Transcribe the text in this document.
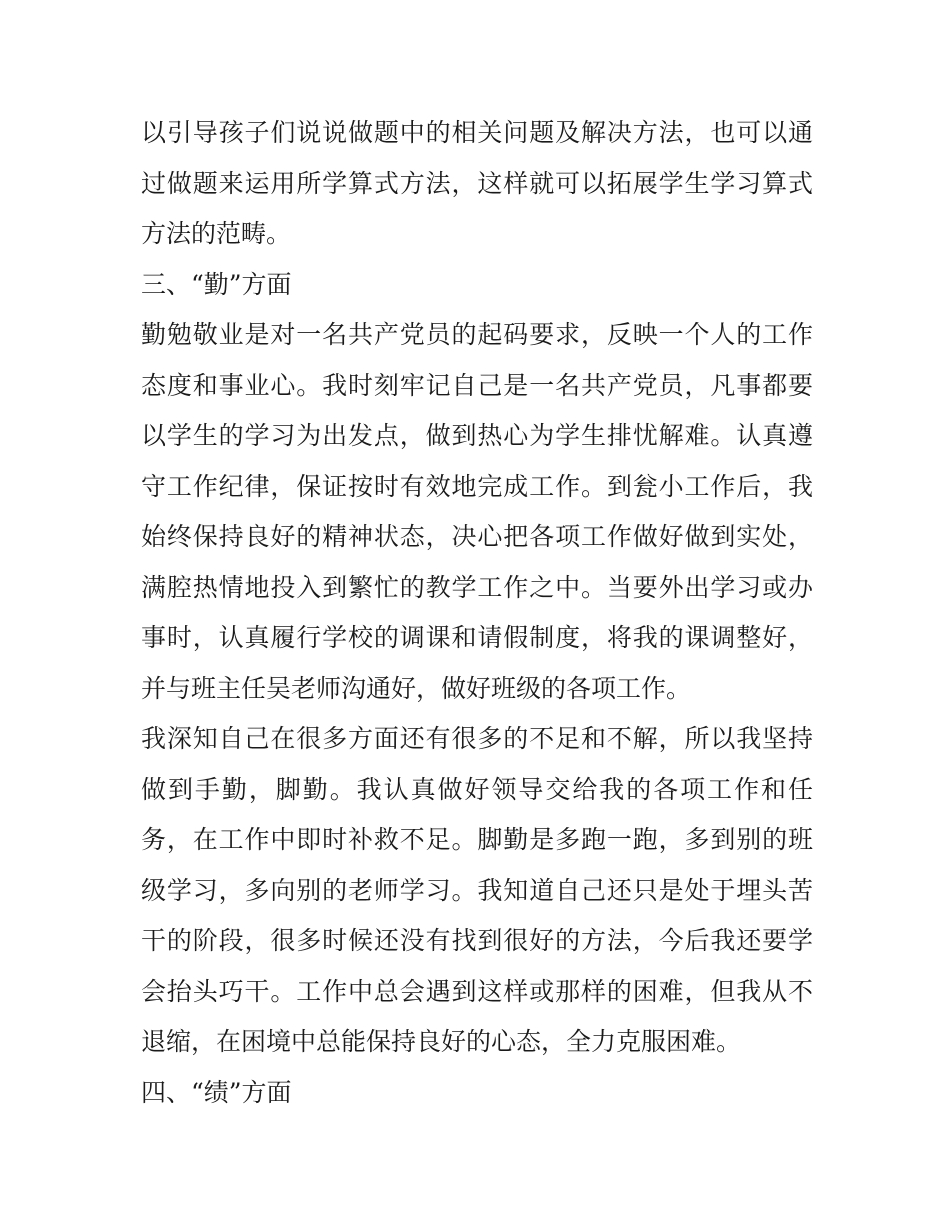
以引导孩子们说说做题中的相关问题及解决方法，也可以通过做题来运用所学算式方法，这样就可以拓展学生学习算式方法的范畴。

三、“勤”方面

勤勉敬业是对一名共产党员的起码要求，反映一个人的工作态度和事业心。我时刻牢记自己是一名共产党员，凡事都要以学生的学习为出发点，做到热心为学生排忧解难。认真遵守工作纪律，保证按时有效地完成工作。到瓮小工作后，我始终保持良好的精神状态，决心把各项工作做好做到实处，满腔热情地投入到繁忙的教学工作之中。当要外出学习或办事时，认真履行学校的调课和请假制度，将我的课调整好，并与班主任吴老师沟通好，做好班级的各项工作。

我深知自己在很多方面还有很多的不足和不解，所以我坚持做到手勤，脚勤。我认真做好领导交给我的各项工作和任务，在工作中即时补救不足。脚勤是多跑一跑，多到别的班级学习，多向别的老师学习。我知道自己还只是处于埋头苦干的阶段，很多时候还没有找到很好的方法，今后我还要学会抬头巧干。工作中总会遇到这样或那样的困难，但我从不退缩，在困境中总能保持良好的心态，全力克服困难。

四、“绩”方面
